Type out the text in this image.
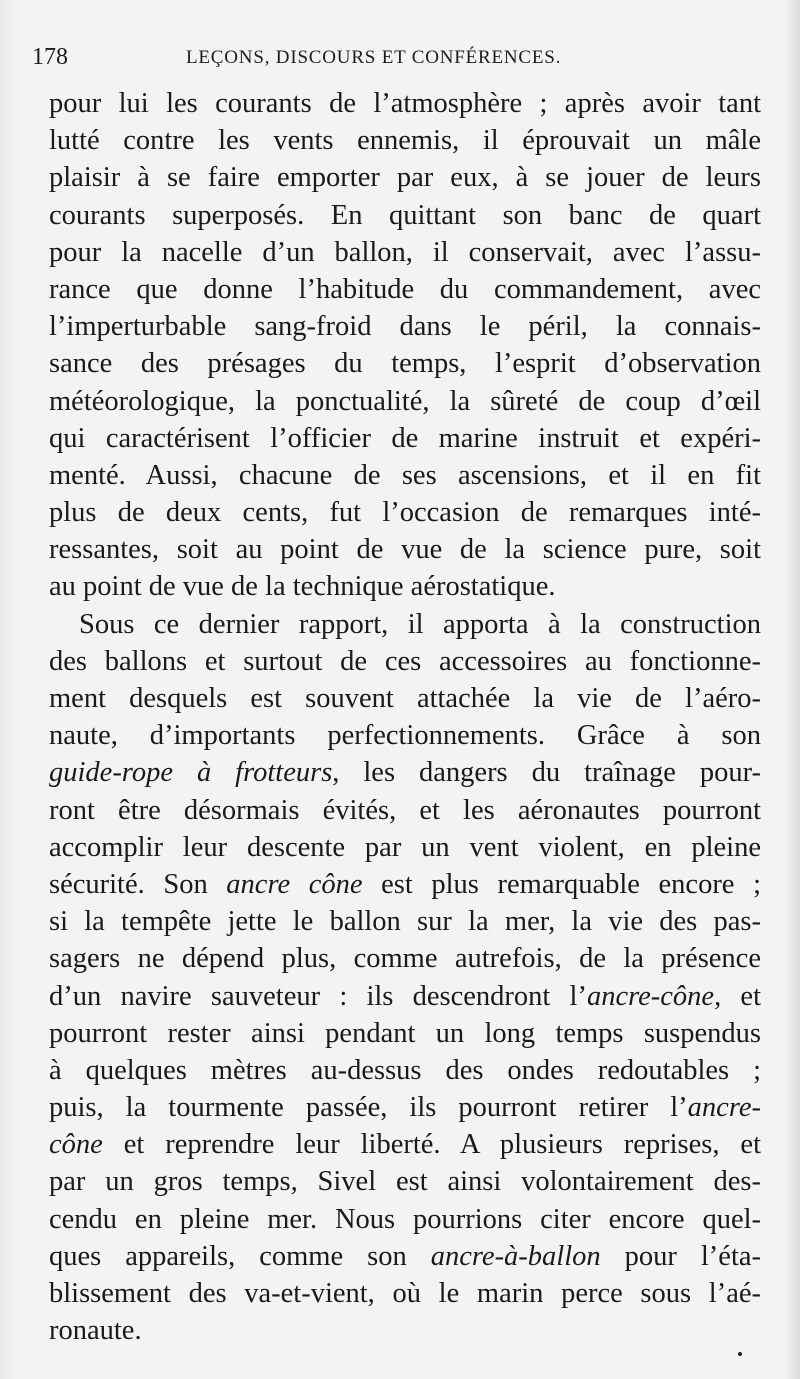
178	LEÇONS, DISCOURS ET CONFÉRENCES.
pour lui les courants de l’atmosphère ; après avoir tant
lutté contre les vents ennemis, il éprouvait un mâle
plaisir à se faire emporter par eux, à se jouer de leurs
courants superposés. En quittant son banc de quart
pour la nacelle d’un ballon, il conservait, avec l’assu-
rance que donne l’habitude du commandement, avec
l’imperturbable sang-froid dans le péril, la connais-
sance des présages du temps, l’esprit d’observation
météorologique, la ponctualité, la sûreté de coup d’œil
qui caractérisent l’officier de marine instruit et expéri-
menté. Aussi, chacune de ses ascensions, et il en fit
plus de deux cents, fut l’occasion de remarques inté-
ressantes, soit au point de vue de la science pure, soit
au point de vue de la technique aérostatique.
Sous ce dernier rapport, il apporta à la construction
des ballons et surtout de ces accessoires au fonctionne-
ment desquels est souvent attachée la vie de l’aéro-
naute, d’importants perfectionnements. Grâce à son
guide-rope à frotteurs, les dangers du traînage pour-
ront être désormais évités, et les aéronautes pourront
accomplir leur descente par un vent violent, en pleine
sécurité. Son ancre cône est plus remarquable encore ;
si la tempête jette le ballon sur la mer, la vie des pas-
sagers ne dépend plus, comme autrefois, de la présence
d’un navire sauveteur : ils descendront l’ancre-cône, et
pourront rester ainsi pendant un long temps suspendus
à quelques mètres au-dessus des ondes redoutables ;
puis, la tourmente passée, ils pourront retirer l’ancre-
cône et reprendre leur liberté. A plusieurs reprises, et
par un gros temps, Sivel est ainsi volontairement des-
cendu en pleine mer. Nous pourrions citer encore quel-
ques appareils, comme son ancre-à-ballon pour l’éta-
blissement des va-et-vient, où le marin perce sous l’aé-
ronaute.
